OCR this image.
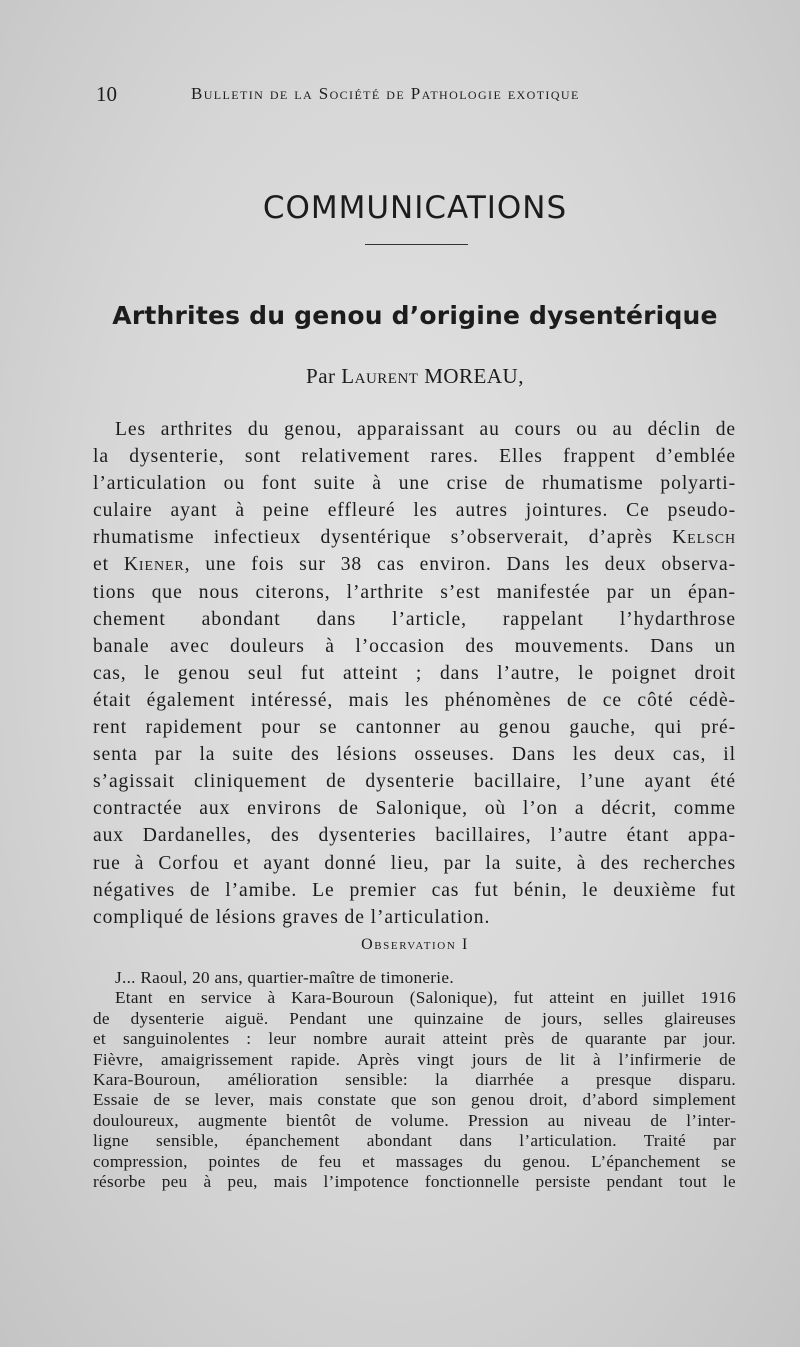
10	Bulletin de la Société de Pathologie exotique
COMMUNICATIONS
Arthrites du genou d’origine dysentérique
Par Laurent MOREAU,
Les arthrites du genou, apparaissant au cours ou au déclin de
la dysenterie, sont relativement rares. Elles frappent d’emblée
l’articulation ou font suite à une crise de rhumatisme polyarti-
culaire ayant à peine effleuré les autres jointures. Ce pseudo-
rhumatisme infectieux dysentérique s’observerait, d’après Kelsch
et Kiener, une fois sur 38 cas environ. Dans les deux observa-
tions que nous citerons, l’arthrite s’est manifestée par un épan-
chement abondant dans l’article, rappelant l’hydarthrose
banale avec douleurs à l’occasion des mouvements. Dans un
cas, le genou seul fut atteint ; dans l’autre, le poignet droit
était également intéressé, mais les phénomènes de ce côté cédè-
rent rapidement pour se cantonner au genou gauche, qui pré-
senta par la suite des lésions osseuses. Dans les deux cas, il
s’agissait cliniquement de dysenterie bacillaire, l’une ayant été
contractée aux environs de Salonique, où l’on a décrit, comme
aux Dardanelles, des dysenteries bacillaires, l’autre étant appa-
rue à Corfou et ayant donné lieu, par la suite, à des recherches
négatives de l’amibe. Le premier cas fut bénin, le deuxième fut
compliqué de lésions graves de l’articulation.
Observation I
J... Raoul, 20 ans, quartier-maître de timonerie.
Etant en service à Kara-Bouroun (Salonique), fut atteint en juillet 1916
de dysenterie aiguë. Pendant une quinzaine de jours, selles glaireuses
et sanguinolentes : leur nombre aurait atteint près de quarante par jour.
Fièvre, amaigrissement rapide. Après vingt jours de lit à l’infirmerie de
Kara-Bouroun, amélioration sensible: la diarrhée a presque disparu.
Essaie de se lever, mais constate que son genou droit, d’abord simplement
douloureux, augmente bientôt de volume. Pression au niveau de l’inter-
ligne sensible, épanchement abondant dans l’articulation. Traité par
compression, pointes de feu et massages du genou. L’épanchement se
résorbe peu à peu, mais l’impotence fonctionnelle persiste pendant tout le
